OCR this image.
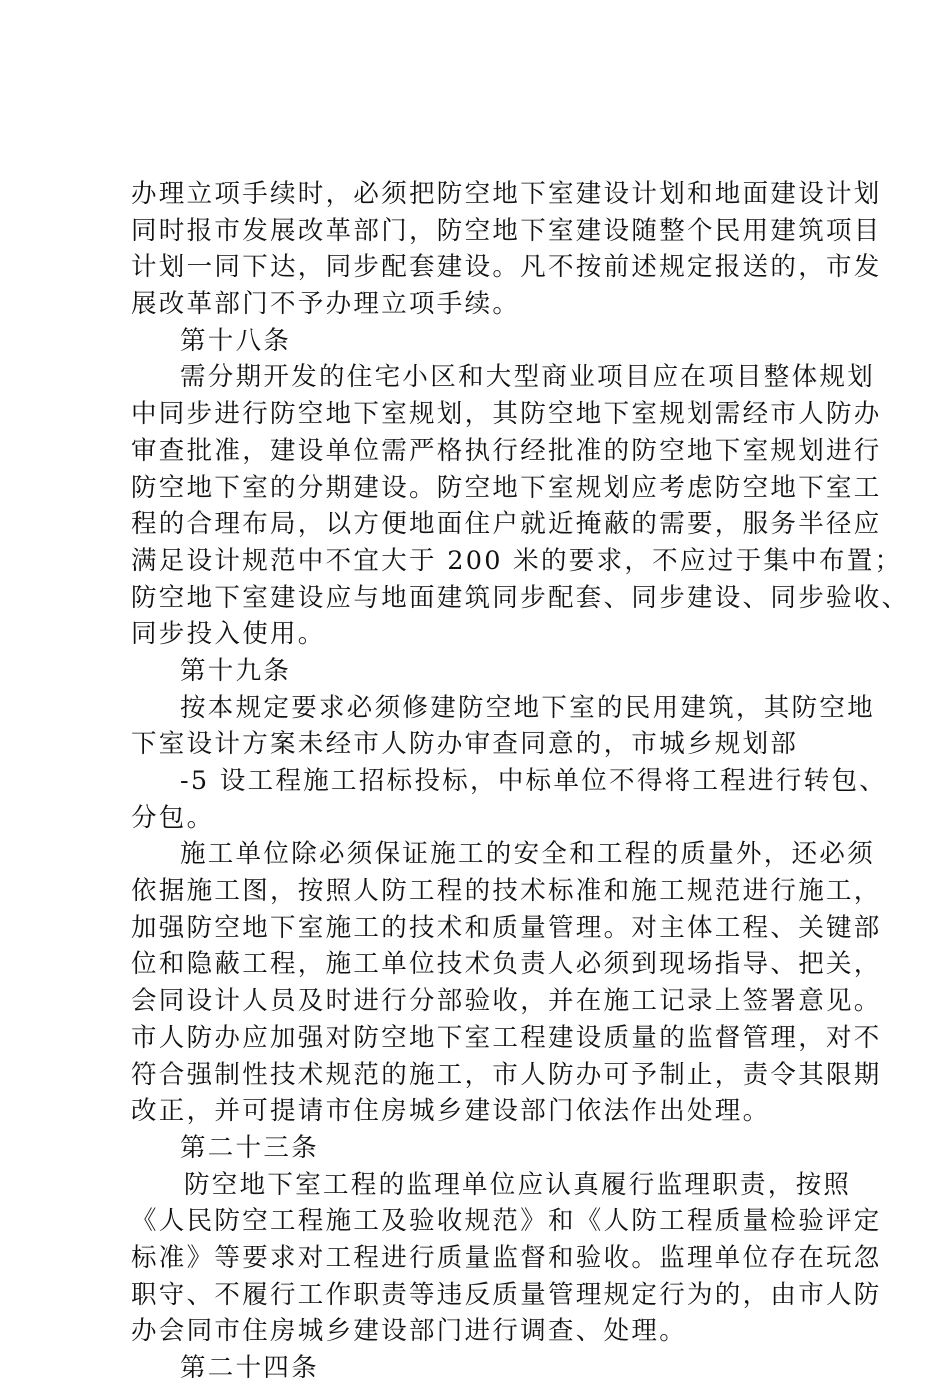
办理立项手续时，必须把防空地下室建设计划和地面建设计划
同时报市发展改革部门，防空地下室建设随整个民用建筑项目
计划一同下达，同步配套建设。凡不按前述规定报送的，市发
展改革部门不予办理立项手续。
第十八条
需分期开发的住宅小区和大型商业项目应在项目整体规划
中同步进行防空地下室规划，其防空地下室规划需经市人防办
审查批准，建设单位需严格执行经批准的防空地下室规划进行
防空地下室的分期建设。防空地下室规划应考虑防空地下室工
程的合理布局，以方便地面住户就近掩蔽的需要，服务半径应
满足设计规范中不宜大于 200 米的要求，不应过于集中布置；
防空地下室建设应与地面建筑同步配套、同步建设、同步验收、
同步投入使用。
第十九条
按本规定要求必须修建防空地下室的民用建筑，其防空地
下室设计方案未经市人防办审查同意的，市城乡规划部
-5 设工程施工招标投标，中标单位不得将工程进行转包、
分包。
施工单位除必须保证施工的安全和工程的质量外，还必须
依据施工图，按照人防工程的技术标准和施工规范进行施工，
加强防空地下室施工的技术和质量管理。对主体工程、关键部
位和隐蔽工程，施工单位技术负责人必须到现场指导、把关，
会同设计人员及时进行分部验收，并在施工记录上签署意见。
市人防办应加强对防空地下室工程建设质量的监督管理，对不
符合强制性技术规范的施工，市人防办可予制止，责令其限期
改正，并可提请市住房城乡建设部门依法作出处理。
第二十三条
防空地下室工程的监理单位应认真履行监理职责，按照
《人民防空工程施工及验收规范》和《人防工程质量检验评定
标准》等要求对工程进行质量监督和验收。监理单位存在玩忽
职守、不履行工作职责等违反质量管理规定行为的，由市人防
办会同市住房城乡建设部门进行调查、处理。
第二十四条
